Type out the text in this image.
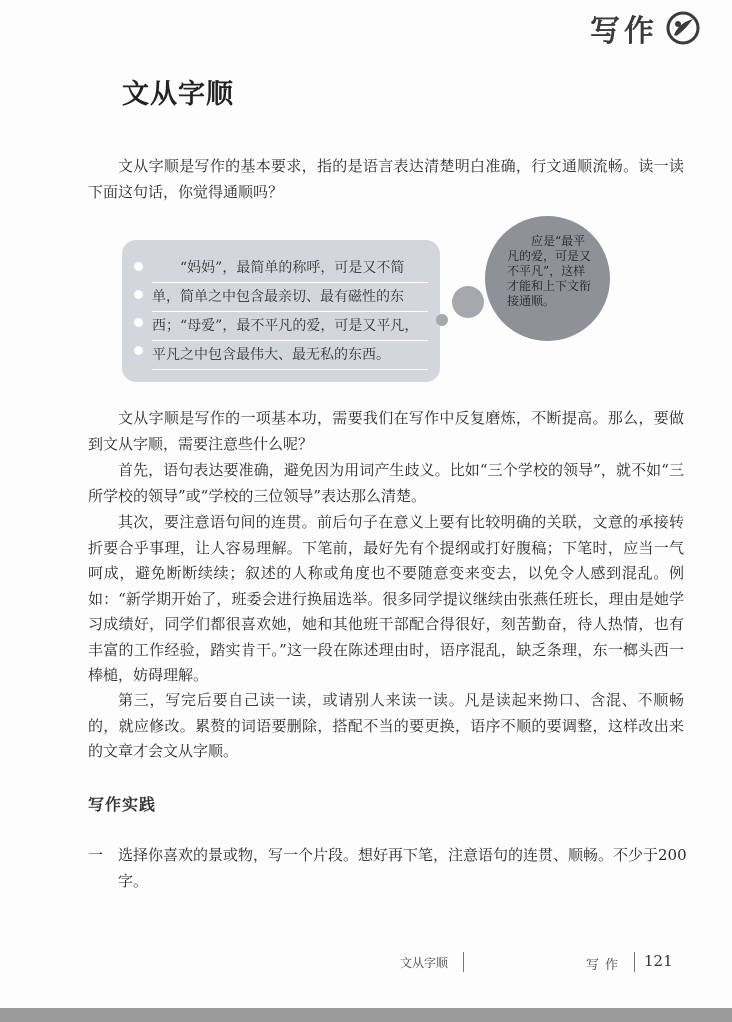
写作
文从字顺

文从字顺是写作的基本要求，指的是语言表达清楚明白准确，行文通顺流畅。读一读下面这句话，你觉得通顺吗？

“妈妈”，最简单的称呼，可是又不简
单，简单之中包含最亲切、最有磁性的东
西；“母爱”，最不平凡的爱，可是又平凡，
平凡之中包含最伟大、最无私的东西。

应是“最平凡的爱，可是又不平凡”，这样才能和上下文衔接通顺。

文从字顺是写作的一项基本功，需要我们在写作中反复磨炼，不断提高。那么，要做到文从字顺，需要注意些什么呢？

首先，语句表达要准确，避免因为用词产生歧义。比如“三个学校的领导”，就不如“三所学校的领导”或“学校的三位领导”表达那么清楚。

其次，要注意语句间的连贯。前后句子在意义上要有比较明确的关联，文意的承接转折要合乎事理，让人容易理解。下笔前，最好先有个提纲或打好腹稿；下笔时，应当一气呵成，避免断断续续；叙述的人称或角度也不要随意变来变去，以免令人感到混乱。例如：“新学期开始了，班委会进行换届选举。很多同学提议继续由张燕任班长，理由是她学习成绩好，同学们都很喜欢她，她和其他班干部配合得很好，刻苦勤奋，待人热情，也有丰富的工作经验，踏实肯干。”这一段在陈述理由时，语序混乱，缺乏条理，东一榔头西一棒槌，妨碍理解。

第三，写完后要自己读一读，或请别人来读一读。凡是读起来拗口、含混、不顺畅的，就应修改。累赘的词语要删除，搭配不当的要更换，语序不顺的要调整，这样改出来的文章才会文从字顺。

写作实践

一 选择你喜欢的景或物，写一个片段。想好再下笔，注意语句的连贯、顺畅。不少于200字。

文从字顺	写作 121
